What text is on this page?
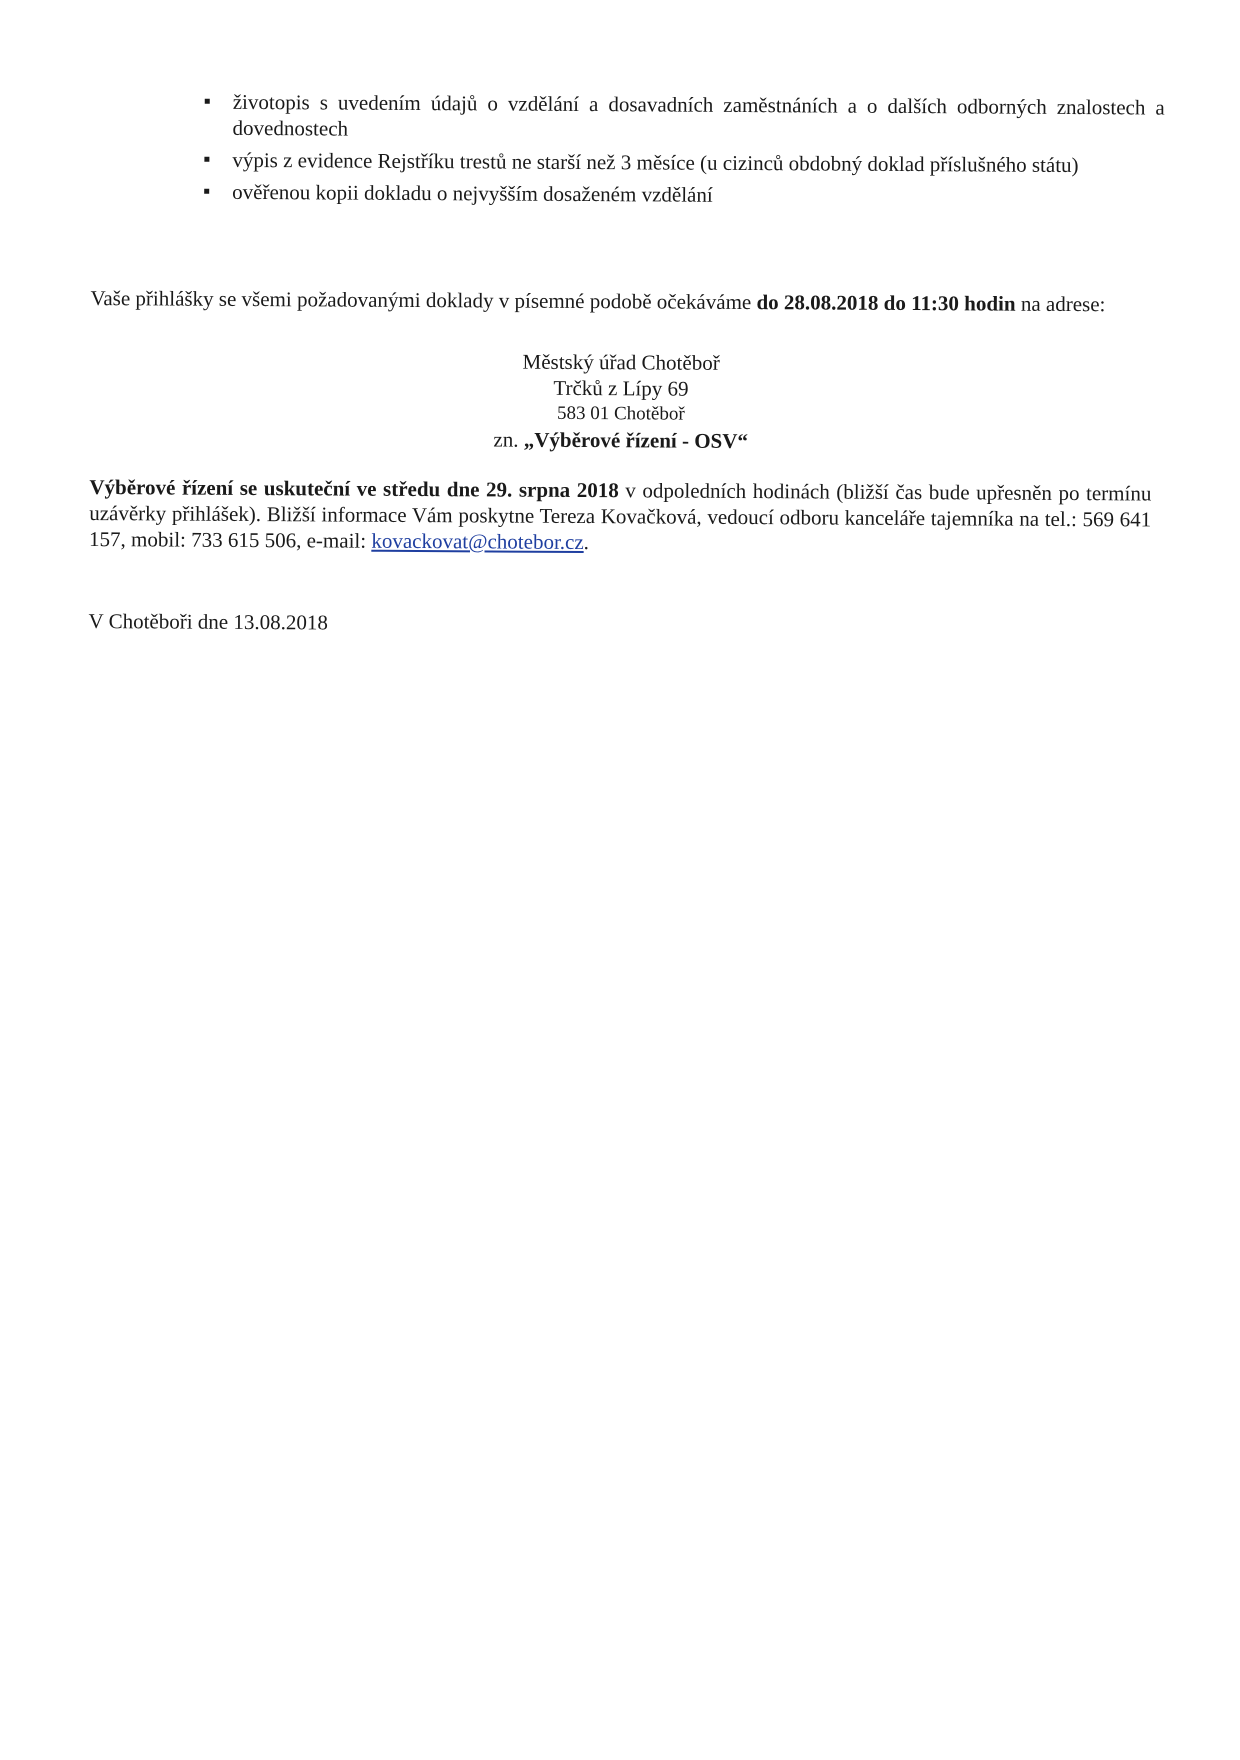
životopis s uvedením údajů o vzdělání a dosavadních zaměstnáních a o dalších odborných znalostech a dovednostech
výpis z evidence Rejstříku trestů ne starší než 3 měsíce (u cizinců obdobný doklad příslušného státu)
ověřenou kopii dokladu o nejvyšším dosaženém vzdělání

Vaše přihlášky se všemi požadovanými doklady v písemné podobě očekáváme do 28.08.2018 do 11:30 hodin na adrese:

Městský úřad Chotěboř
Trčků z Lípy 69
583 01 Chotěboř
zn. „Výběrové řízení - OSV“

Výběrové řízení se uskuteční ve středu dne 29. srpna 2018 v odpoledních hodinách (bližší čas bude upřesněn po termínu uzávěrky přihlášek). Bližší informace Vám poskytne Tereza Kovačková, vedoucí odboru kanceláře tajemníka na tel.: 569 641 157, mobil: 733 615 506, e-mail: kovackovat@chotebor.cz.

V Chotěboři dne 13.08.2018
